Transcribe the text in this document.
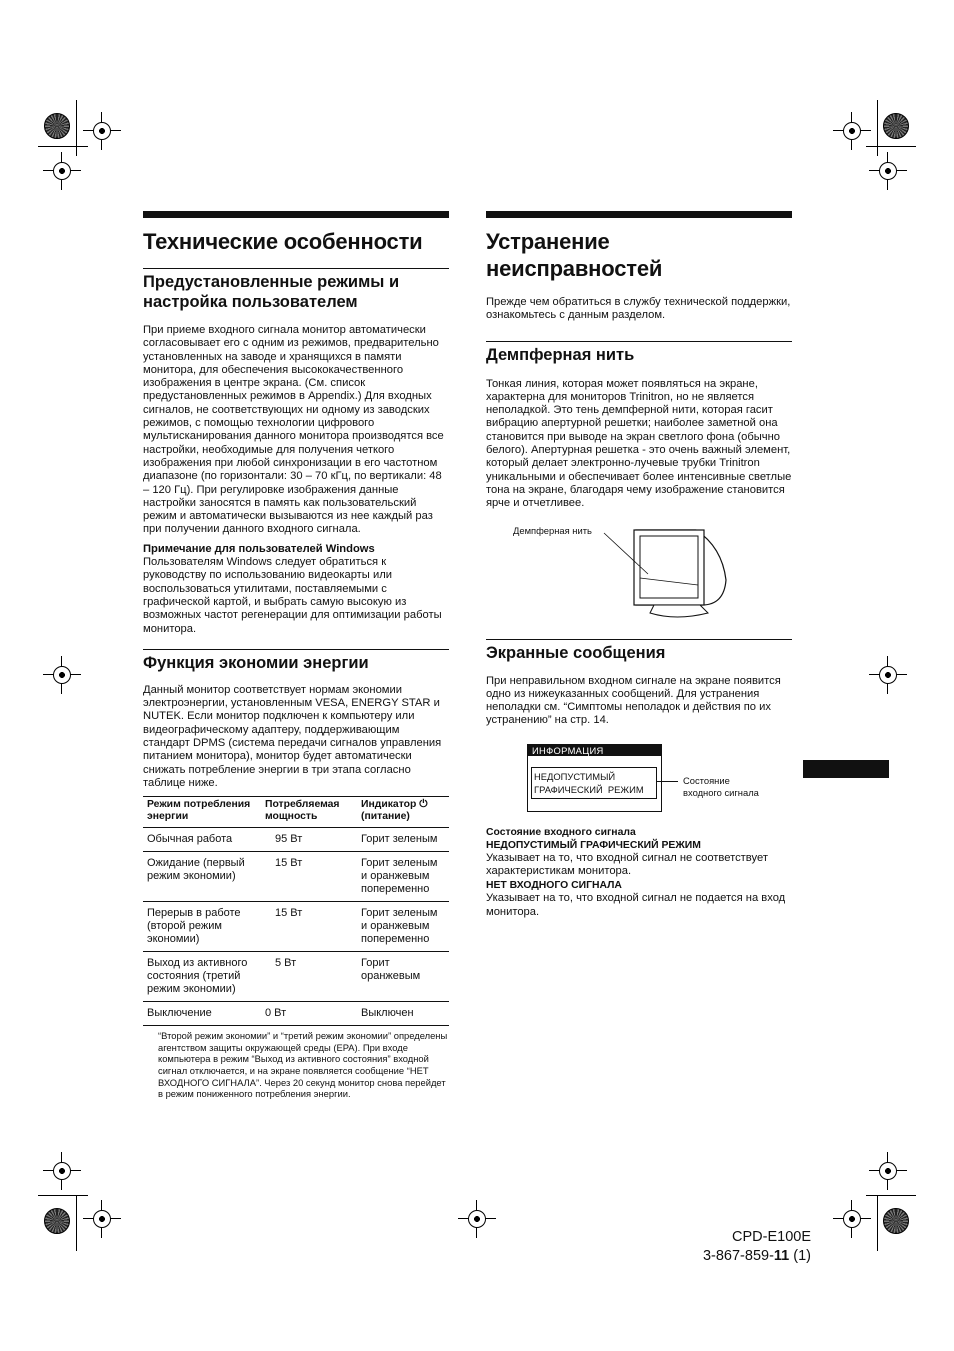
Технические особенности
Предустановленные режимы и настройка пользователем

При приеме входного сигнала монитор автоматически согласовывает его с одним из режимов, предварительно установленных на заводе и хранящихся в памяти монитора, для обеспечения высококачественного изображения в центре экрана. (См. список предустановленных режимов в Appendix.) Для входных сигналов, не соответствующих ни одному из заводских режимов, с помощью технологии цифрового мультисканирования данного монитора производятся все настройки, необходимые для получения четкого изображения при любой синхронизации в его частотном диапазоне (по горизонтали: 30 – 70 кГц, по вертикали: 48 – 120 Гц). При регулировке изображения данные настройки заносятся в память как пользовательский режим и автоматически вызываются из нее каждый раз при получении данного входного сигнала.

Примечание для пользователей Windows

Пользователям Windows следует обратиться к руководству по использованию видеокарты или воспользоваться утилитами, поставляемыми с графической картой, и выбрать самую высокую из возможных частот регенерации для оптимизации работы монитора.

Функция экономии энергии

Данный монитор соответствует нормам экономии электроэнергии, установленным VESA, ENERGY STAR и NUTEK. Если монитор подключен к компьютеру или видеографическому адаптеру, поддерживающим стандарт DPMS (система передачи сигналов управления питанием монитора), монитор будет автоматически снижать потребление энергии в три этапа согласно таблице ниже.

Режим потребления энергии	Потребляемая мощность	Индикатор ⏻ (питание)
Обычная работа	95 Вт	Горит зеленым
Ожидание (первый режим экономии)	15 Вт	Горит зеленым и оранжевым попеременно
Перерыв в работе (второй режим экономии)	15 Вт	Горит зеленым и оранжевым попеременно
Выход из активного состояния (третий режим экономии)	5 Вт	Горит оранжевым
Выключение	0 Вт	Выключен

“Второй режим экономии” и “третий режим экономии” определены агентством защиты окружающей среды (EPA). При входе компьютера в режим “Выход из активного состояния” входной сигнал отключается, и на экране появляется сообщение “НЕТ ВХОДНОГО СИГНАЛА”. Через 20 секунд монитор снова перейдет в режим пониженного потребления энергии.

Устранение неисправностей

Прежде чем обратиться в службу технической поддержки, ознакомьтесь с данным разделом.

Демпферная нить

Тонкая линия, которая может появляться на экране, характерна для мониторов Trinitron, но не является неполадкой. Это тень демпферной нити, которая гасит вибрацию апертурной решетки; наиболее заметной она становится при выводе на экран светлого фона (обычно белого). Апертурная решетка - это очень важный элемент, который делает электронно-лучевые трубки Trinitron уникальными и обеспечивает более интенсивные светлые тона на экране, благодаря чему изображение становится ярче и отчетливее.

Демпферная нить
Экранные сообщения

При неправильном входном сигнале на экране появится одно из нижеуказанных сообщений. Для устранения неполадки см. “Симптомы неполадок и действия по их устранению” на стр. 14.

ИНФОРМАЦИЯ
НЕДОПУСТИМЫЙ
ГРАФИЧЕСКИЙ  РЕЖИМ
Состояние
входного сигнала
Состояние входного сигнала
НЕДОПУСТИМЫЙ ГРАФИЧЕСКИЙ РЕЖИМ

Указывает на то, что входной сигнал не соответствует характеристикам монитора.

НЕТ ВХОДНОГО СИГНАЛА

Указывает на то, что входной сигнал не подается на вход монитора.

CPD-E100E
3-867-859-11 (1)
